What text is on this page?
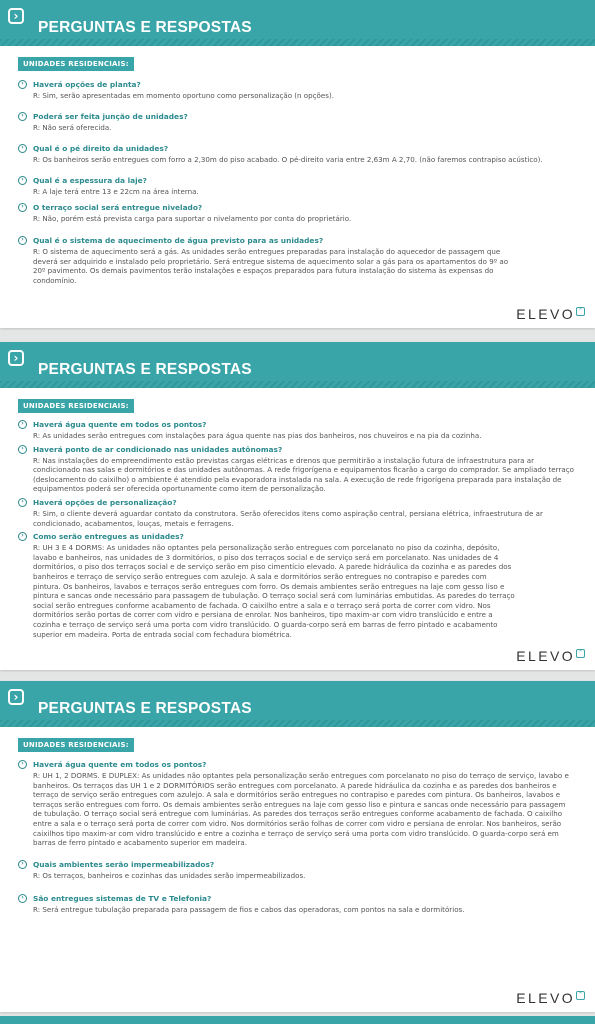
›
PERGUNTAS E RESPOSTAS
UNIDADES RESIDENCIAIS:
›	Haverá opções de planta?
R: Sim, serão apresentadas em momento oportuno como personalização (n opções).
›	Poderá ser feita junção de unidades?
R: Não será oferecida.
›	Qual é o pé direito da unidades?
R: Os banheiros serão entregues com forro a 2,30m do piso acabado. O pé-direito varia entre 2,63m A 2,70. (não faremos contrapiso acústico).
›	Qual é a espessura da laje?
R: A laje terá entre 13 e 22cm na área interna.
›	O terraço social será entregue nivelado?
R: Não, porém está prevista carga para suportar o nivelamento por conta do proprietário.
›	Qual é o sistema de aquecimento de água previsto para as unidades?
R: O sistema de aquecimento será a gás. As unidades serão entregues preparadas para instalação do aquecedor de passagem que deverá ser adquirido e instalado pelo proprietário. Será entregue sistema de aquecimento solar a gás para os apartamentos do 9º ao 20º pavimento. Os demais pavimentos terão instalações e espaços preparados para futura instalação do sistema às expensas do condomínio.
ELEVO ^
›
PERGUNTAS E RESPOSTAS
UNIDADES RESIDENCIAIS:
›	Haverá água quente em todos os pontos?
R: As unidades serão entregues com instalações para água quente nas pias dos banheiros, nos chuveiros e na pia da cozinha.
›	Haverá ponto de ar condicionado nas unidades autônomas?
R: Nas instalações do empreendimento estão previstas cargas elétricas e drenos que permitirão a instalação futura de infraestrutura para ar condicionado nas salas e dormitórios e das unidades autônomas. A rede frigorígena e equipamentos ficarão a cargo do comprador. Se ampliado terraço (deslocamento do caixilho) o ambiente é atendido pela evaporadora instalada na sala. A execução de rede frigorígena preparada para instalação de equipamentos poderá ser oferecida oportunamente como item de personalização.
›	Haverá opções de personalização?
R: Sim, o cliente deverá aguardar contato da construtora. Serão oferecidos itens como aspiração central, persiana elétrica, infraestrutura de ar condicionado, acabamentos, louças, metais e ferragens.
›	Como serão entregues as unidades?
R: UH 3 E 4 DORMS: As unidades não optantes pela personalização serão entregues com porcelanato no piso da cozinha, depósito, lavabo e banheiros, nas unidades de 3 dormitórios, o piso dos terraços social e de serviço será em porcelanato. Nas unidades de 4 dormitórios, o piso dos terraços social e de serviço serão em piso cimentício elevado. A parede hidráulica da cozinha e as paredes dos banheiros e terraço de serviço serão entregues com azulejo. A sala e dormitórios serão entregues no contrapiso e paredes com pintura. Os banheiros, lavabos e terraços serão entregues com forro. Os demais ambientes serão entregues na laje com gesso liso e pintura e sancas onde necessário para passagem de tubulação. O terraço social será com luminárias embutidas. As paredes do terraço social serão entregues conforme acabamento de fachada. O caixilho entre a sala e o terraço será porta de correr com vidro. Nos dormitórios serão portas de correr com vidro e persiana de enrolar. Nos banheiros, tipo maxim-ar com vidro translúcido e entre a cozinha e terraço de serviço será uma porta com vidro translúcido. O guarda-corpo será em barras de ferro pintado e acabamento superior em madeira. Porta de entrada social com fechadura biométrica.
ELEVO ^
›
PERGUNTAS E RESPOSTAS
UNIDADES RESIDENCIAIS:
›	Haverá água quente em todos os pontos?
R: UH 1, 2 DORMS. E DUPLEX: As unidades não optantes pela personalização serão entregues com porcelanato no piso do terraço de serviço, lavabo e banheiros. Os terraços das UH 1 e 2 DORMITÓRIOS serão entregues com porcelanato. A parede hidráulica da cozinha e as paredes dos banheiros e terraço de serviço serão entregues com azulejo. A sala e dormitórios serão entregues no contrapiso e paredes com pintura. Os banheiros, lavabos e terraços serão entregues com forro. Os demais ambientes serão entregues na laje com gesso liso e pintura e sancas onde necessário para passagem de tubulação. O terraço social será entregue com luminárias. As paredes dos terraços serão entregues conforme acabamento de fachada. O caixilho entre a sala e o terraço será porta de correr com vidro. Nos dormitórios serão folhas de correr com vidro e persiana de enrolar. Nos banheiros, serão caixilhos tipo maxim-ar com vidro translúcido e entre a cozinha e terraço de serviço será uma porta com vidro translúcido. O guarda-corpo será em barras de ferro pintado e acabamento superior em madeira.
›	Quais ambientes serão impermeabilizados?
R: Os terraços, banheiros e cozinhas das unidades serão impermeabilizados.
›	São entregues sistemas de TV e Telefonia?
R: Será entregue tubulação preparada para passagem de fios e cabos das operadoras, com pontos na sala e dormitórios.
ELEVO ^
